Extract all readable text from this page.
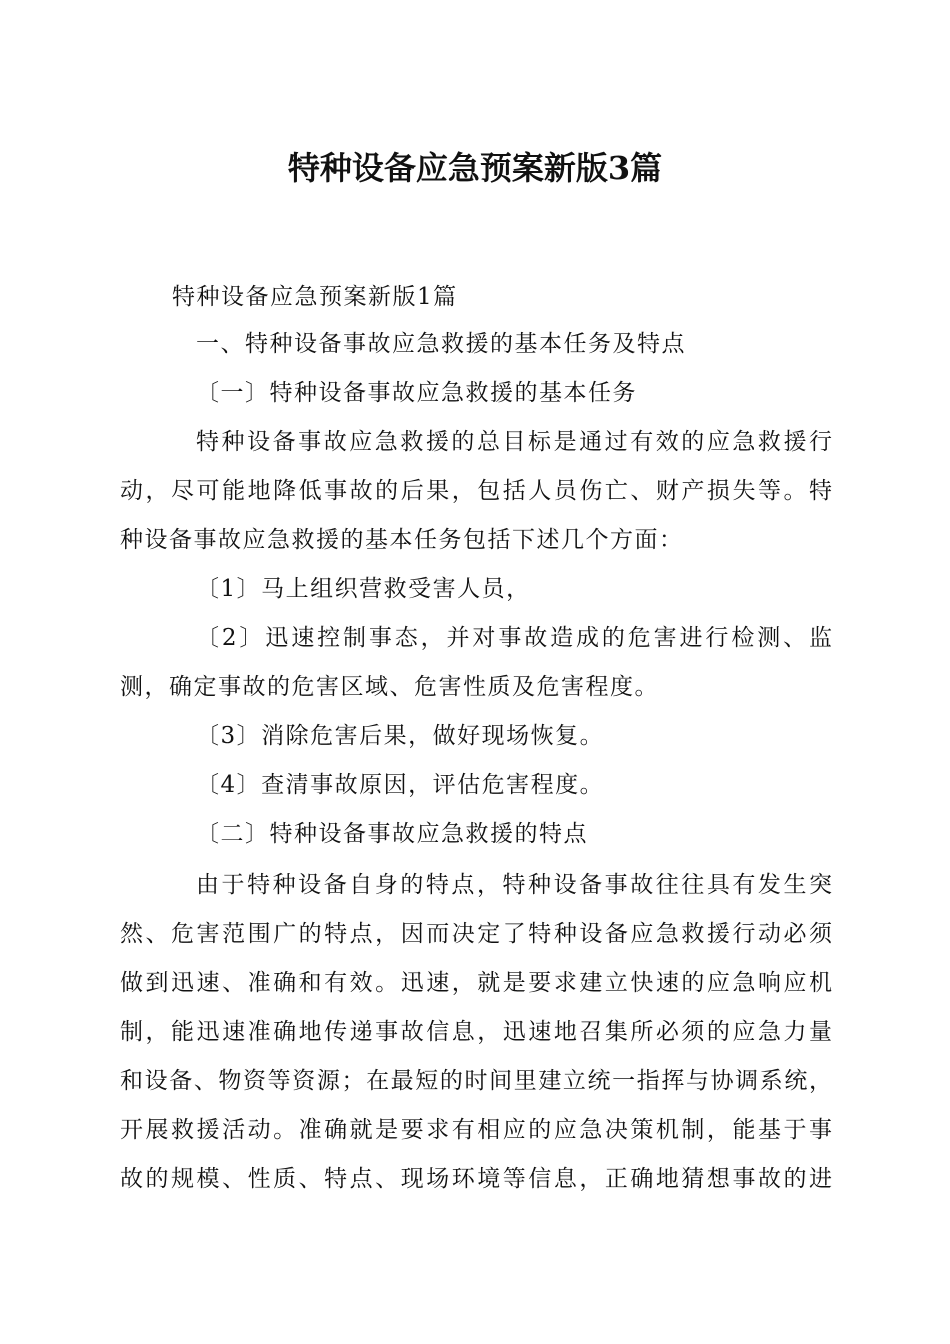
特种设备应急预案新版3篇
特种设备应急预案新版1篇
一、特种设备事故应急救援的基本任务及特点
〔一〕特种设备事故应急救援的基本任务
特种设备事故应急救援的总目标是通过有效的应急救援行
动，尽可能地降低事故的后果，包括人员伤亡、财产损失等。特
种设备事故应急救援的基本任务包括下述几个方面：
〔1〕马上组织营救受害人员，
〔2〕迅速控制事态，并对事故造成的危害进行检测、监
测，确定事故的危害区域、危害性质及危害程度。
〔3〕消除危害后果，做好现场恢复。
〔4〕查清事故原因，评估危害程度。
〔二〕特种设备事故应急救援的特点
由于特种设备自身的特点，特种设备事故往往具有发生突
然、危害范围广的特点，因而决定了特种设备应急救援行动必须
做到迅速、准确和有效。迅速，就是要求建立快速的应急响应机
制，能迅速准确地传递事故信息，迅速地召集所必须的应急力量
和设备、物资等资源；在最短的时间里建立统一指挥与协调系统，
开展救援活动。准确就是要求有相应的应急决策机制，能基于事
故的规模、性质、特点、现场环境等信息，正确地猜想事故的进
